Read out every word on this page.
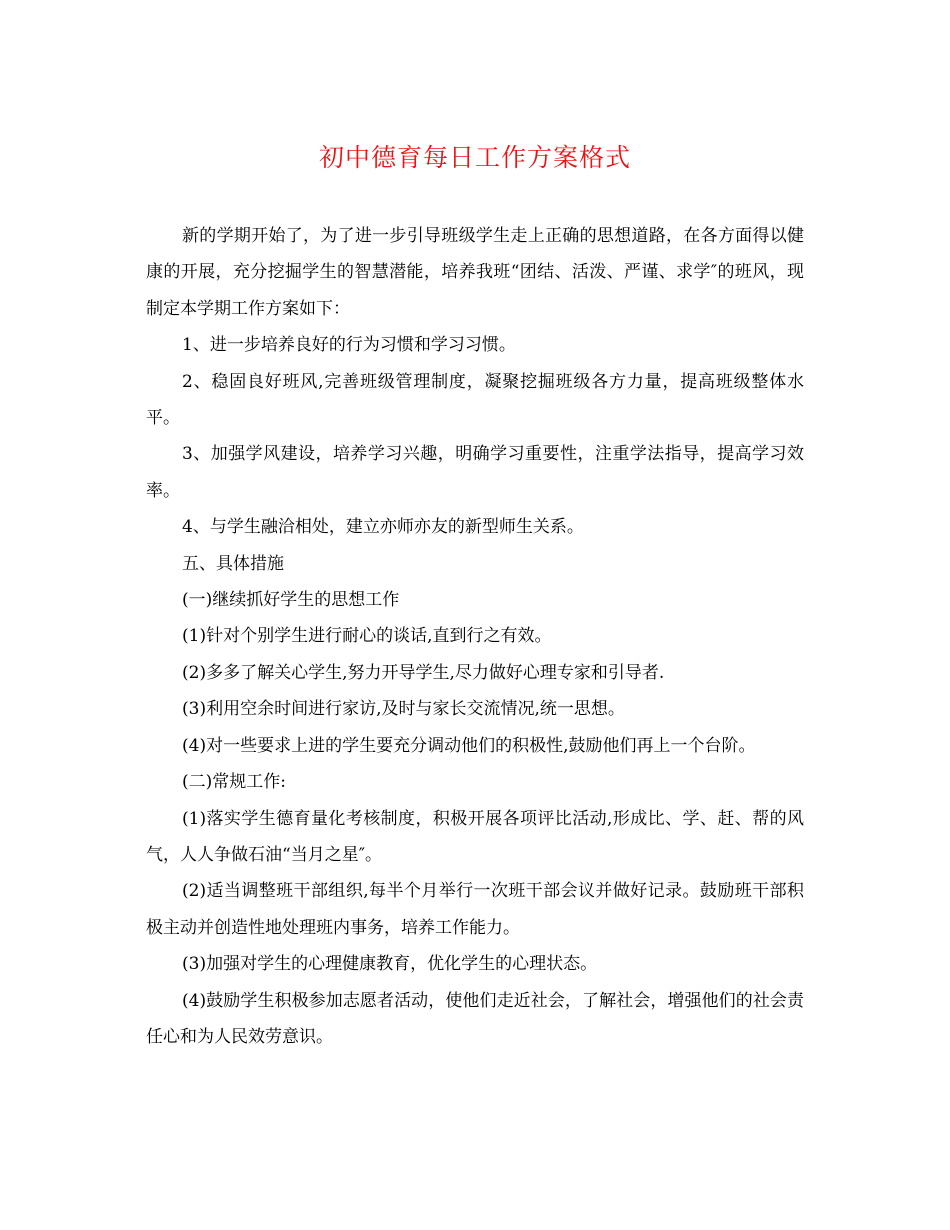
初中德育每日工作方案格式

新的学期开始了，为了进一步引导班级学生走上正确的思想道路，在各方面得以健康的开展，充分挖掘学生的智慧潜能，培养我班“团结、活泼、严谨、求学″的班风，现制定本学期工作方案如下：

1、进一步培养良好的行为习惯和学习习惯。

2、稳固良好班风,完善班级管理制度，凝聚挖掘班级各方力量，提高班级整体水平。

3、加强学风建设，培养学习兴趣，明确学习重要性，注重学法指导，提高学习效率。

4、与学生融洽相处，建立亦师亦友的新型师生关系。

五、具体措施

(一)继续抓好学生的思想工作

(1)针对个别学生进行耐心的谈话,直到行之有效。

(2)多多了解关心学生,努力开导学生,尽力做好心理专家和引导者.

(3)利用空余时间进行家访,及时与家长交流情况,统一思想。

(4)对一些要求上进的学生要充分调动他们的积极性,鼓励他们再上一个台阶。

(二)常规工作:

(1)落实学生德育量化考核制度，积极开展各项评比活动,形成比、学、赶、帮的风气，人人争做石油“当月之星″。

(2)适当调整班干部组织,每半个月举行一次班干部会议并做好记录。鼓励班干部积极主动并创造性地处理班内事务，培养工作能力。

(3)加强对学生的心理健康教育，优化学生的心理状态。

(4)鼓励学生积极参加志愿者活动，使他们走近社会，了解社会，增强他们的社会责任心和为人民效劳意识。
